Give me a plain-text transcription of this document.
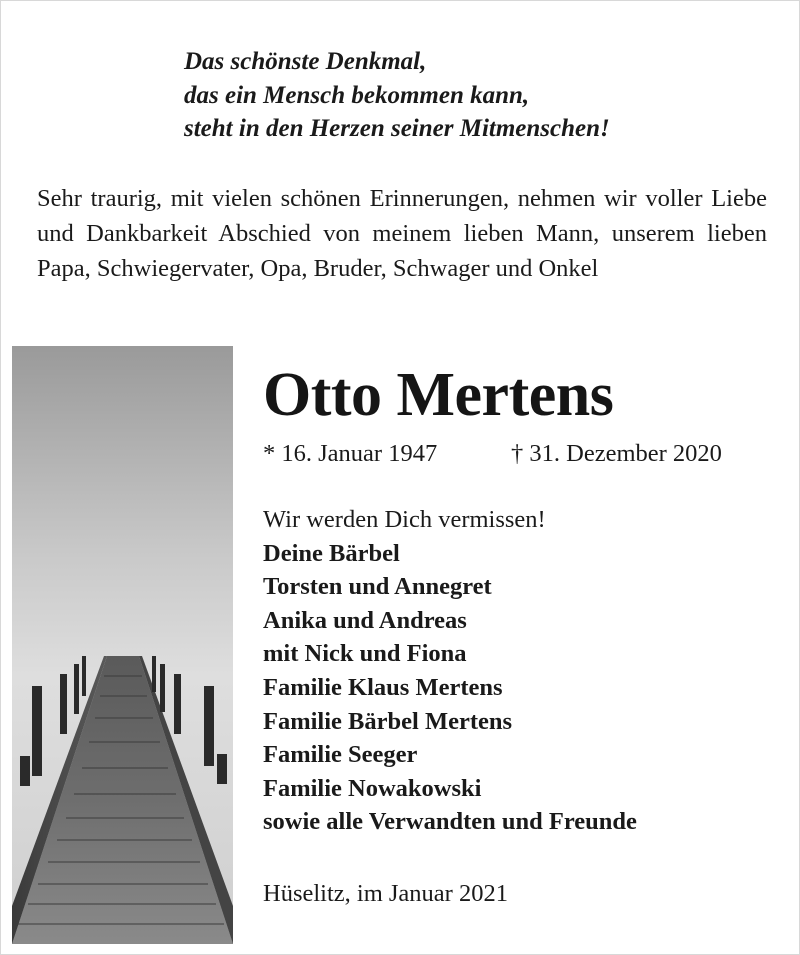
Das schönste Denkmal,
das ein Mensch bekommen kann,
steht in den Herzen seiner Mitmenschen!
Sehr traurig, mit vielen schönen Erinnerungen, nehmen wir voller Liebe und Dankbarkeit Abschied von meinem lieben Mann, unserem lieben Papa, Schwiegervater, Opa, Bruder, Schwager und Onkel
Otto Mertens
* 16. Januar 1947	† 31. Dezember 2020
Wir werden Dich vermissen!
Deine Bärbel
Torsten und Annegret
Anika und Andreas
mit Nick und Fiona
Familie Klaus Mertens
Familie Bärbel Mertens
Familie Seeger
Familie Nowakowski
sowie alle Verwandten und Freunde
Hüselitz, im Januar 2021
